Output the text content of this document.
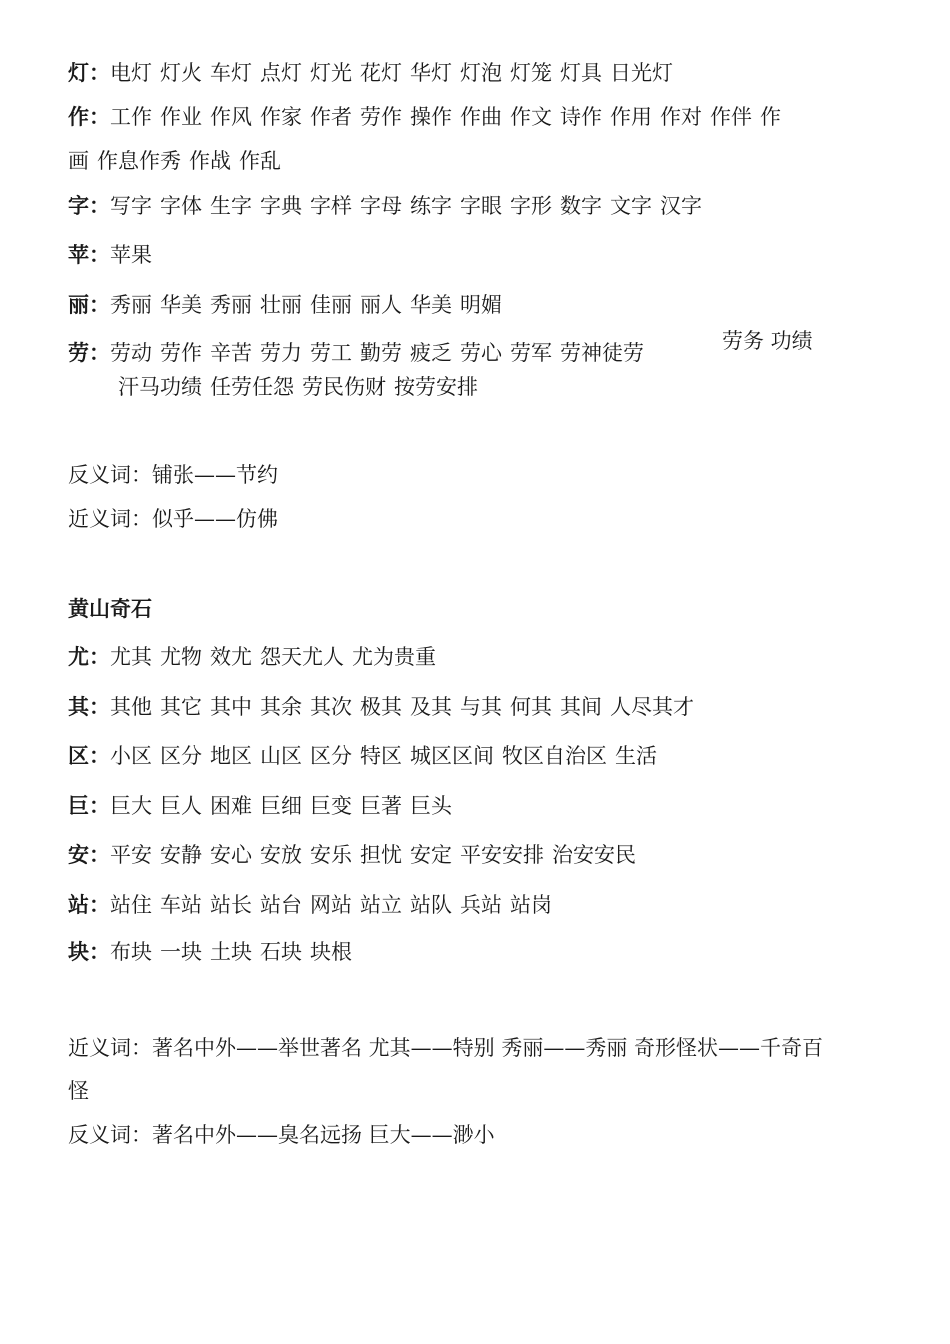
灯：电灯 灯火 车灯 点灯 灯光 花灯 华灯 灯泡 灯笼 灯具 日光灯
作：工作 作业 作风 作家 作者 劳作 操作 作曲 作文 诗作 作用 作对 作伴 作
画 作息作秀 作战 作乱
字：写字 字体 生字 字典 字样 字母 练字 字眼 字形 数字 文字 汉字
苹：苹果
丽：秀丽 华美 秀丽 壮丽 佳丽 丽人 华美 明媚
劳：劳动 劳作 辛苦 劳力 劳工 勤劳 疲乏 劳心 劳军 劳神徒劳	劳务 功绩
汗马功绩 任劳任怨 劳民伤财 按劳安排
反义词：铺张——节约
近义词：似乎——仿佛
黄山奇石
尤：尤其 尤物 效尤 怨天尤人 尤为贵重
其：其他 其它 其中 其余 其次 极其 及其 与其 何其 其间 人尽其才
区：小区 区分 地区 山区 区分 特区 城区区间 牧区自治区 生活
巨：巨大 巨人 困难 巨细 巨变 巨著 巨头
安：平安 安静 安心 安放 安乐 担忧 安定 平安安排 治安安民
站：站住 车站 站长 站台 网站 站立 站队 兵站 站岗
块：布块 一块 土块 石块 块根
近义词：著名中外——举世著名 尤其——特别 秀丽——秀丽 奇形怪状——千奇百
怪
反义词：著名中外——臭名远扬 巨大——渺小
